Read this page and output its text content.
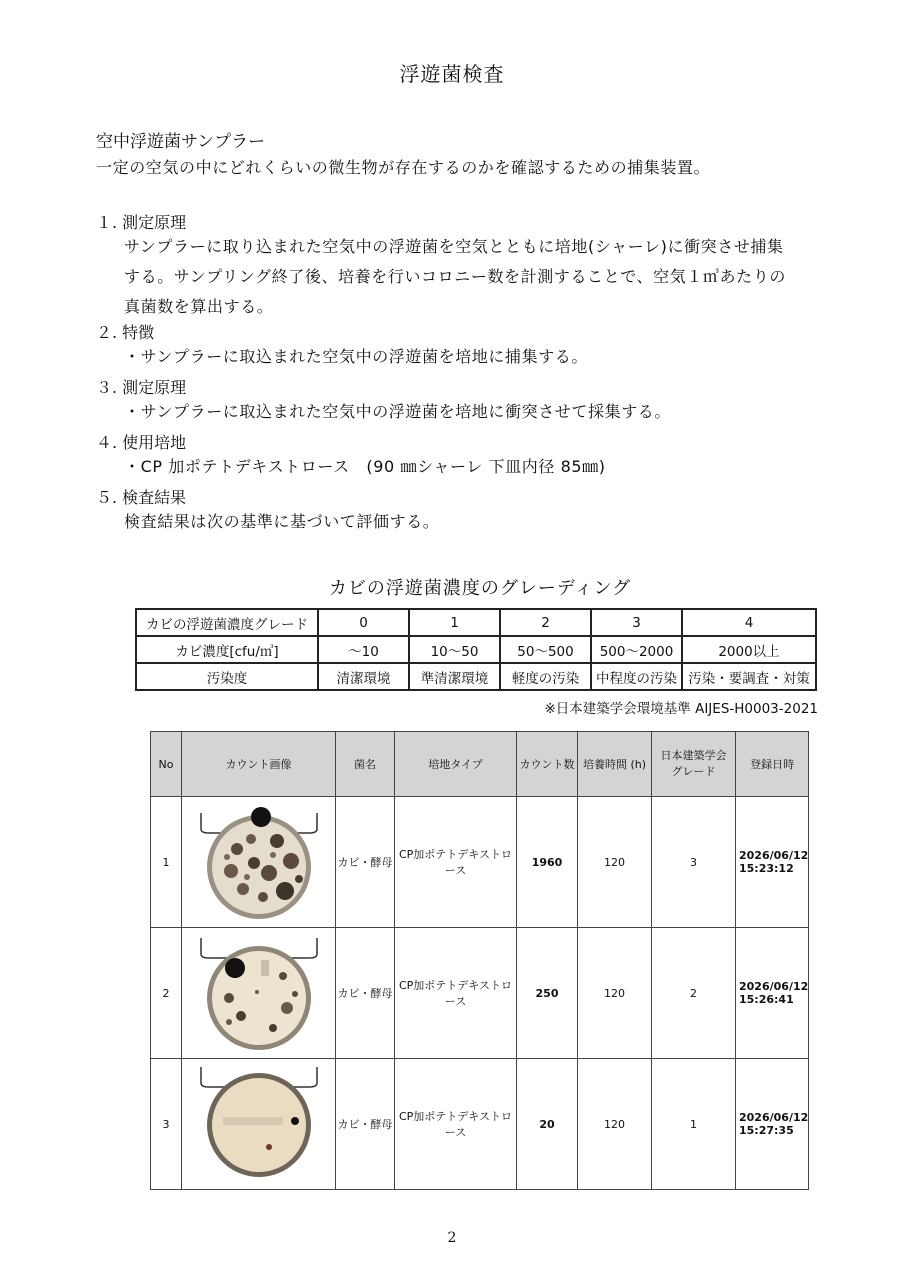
浮遊菌検査
空中浮遊菌サンプラー
一定の空気の中にどれくらいの微生物が存在するのかを確認するための捕集装置。
１. 測定原理
サンプラーに取り込まれた空気中の浮遊菌を空気とともに培地(シャーレ)に衝突させ捕集
する。サンプリング終了後、培養を行いコロニー数を計測することで、空気１㎥あたりの
真菌数を算出する。
２. 特徴
・サンプラーに取込まれた空気中の浮遊菌を培地に捕集する。
３. 測定原理
・サンプラーに取込まれた空気中の浮遊菌を培地に衝突させて採集する。
４. 使用培地
・CP 加ポテトデキストロース　(90 ㎜シャーレ 下皿内径 85㎜)
５. 検査結果
検査結果は次の基準に基づいて評価する。
カビの浮遊菌濃度のグレーディング
カビの浮遊菌濃度グレード	0	1	2	3	4
カビ濃度[cfu/㎥]	～10	10～50	50～500	500～2000	2000以上
汚染度	清潔環境	準清潔環境	軽度の汚染	中程度の汚染	汚染・要調査・対策
※日本建築学会環境基準 AIJES-H0003-2021
No	カウント画像	菌名	培地タイプ	カウント数	培養時間 (h)	日本建築学会
グレード	登録日時
1		カビ・酵母	CP加ポテトデキストロース	1960	120	3	2026/06/12
15:23:12

2		カビ・酵母	CP加ポテトデキストロース	250	120	2	2026/06/12
15:26:41

3		カビ・酵母	CP加ポテトデキストロース	20	120	1	2026/06/12
15:27:35
2
